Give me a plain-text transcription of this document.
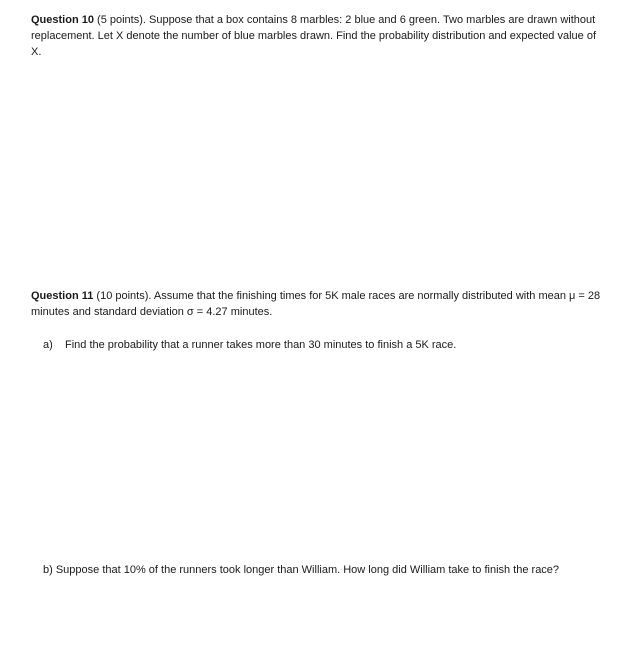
Question 10 (5 points). Suppose that a box contains 8 marbles: 2 blue and 6 green. Two marbles are drawn without replacement. Let X denote the number of blue marbles drawn. Find the probability distribution and expected value of X.

Question 11 (10 points). Assume that the finishing times for 5K male races are normally distributed with mean μ = 28 minutes and standard deviation σ = 4.27 minutes.

a) Find the probability that a runner takes more than 30 minutes to finish a 5K race.

b) Suppose that 10% of the runners took longer than William. How long did William take to finish the race?
